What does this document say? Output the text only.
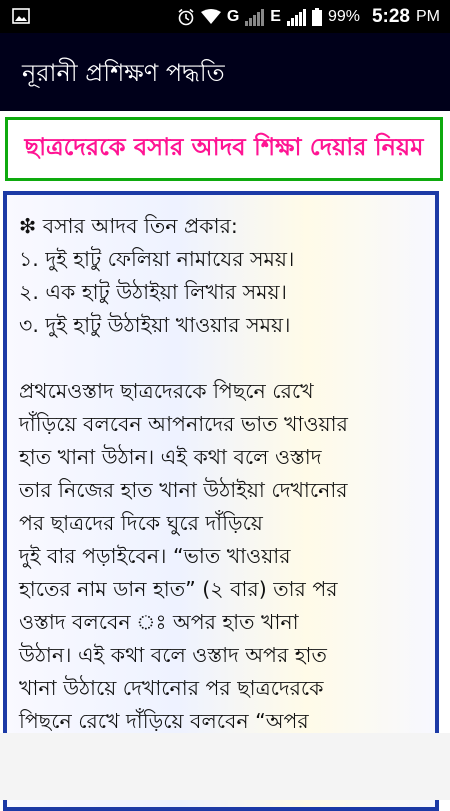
G E	99% 5:28 PM
নূরানী প্রশিক্ষণ পদ্ধতি
ছাত্রদেরকে বসার আদব শিক্ষা দেয়ার নিয়ম

❇ বসার আদব তিন প্রকার:
১. দুই হাটু ফেলিয়া নামাযের সময়।
২. এক হাটু উঠাইয়া লিখার সময়।
৩. দুই হাটু উঠাইয়া খাওয়ার সময়।

প্রথমেওস্তাদ ছাত্রদেরকে পিছনে রেখে
দাঁড়িয়ে বলবেন আপনাদের ভাত খাওয়ার
হাত খানা উঠান। এই কথা বলে ওস্তাদ
তার নিজের হাত খানা উঠাইয়া দেখানোর
পর ছাত্রদের দিকে ঘুরে দাঁড়িয়ে
দুই বার পড়াইবেন। “ভাত খাওয়ার
হাতের নাম ডান হাত” (২ বার) তার পর
ওস্তাদ বলবেন ঃ অপর হাত খানা
উঠান। এই কথা বলে ওস্তাদ অপর হাত
খানা উঠায়ে দেখানোর পর ছাত্রদেরকে
পিছনে রেখে দাঁড়িয়ে বলবেন “অপর
